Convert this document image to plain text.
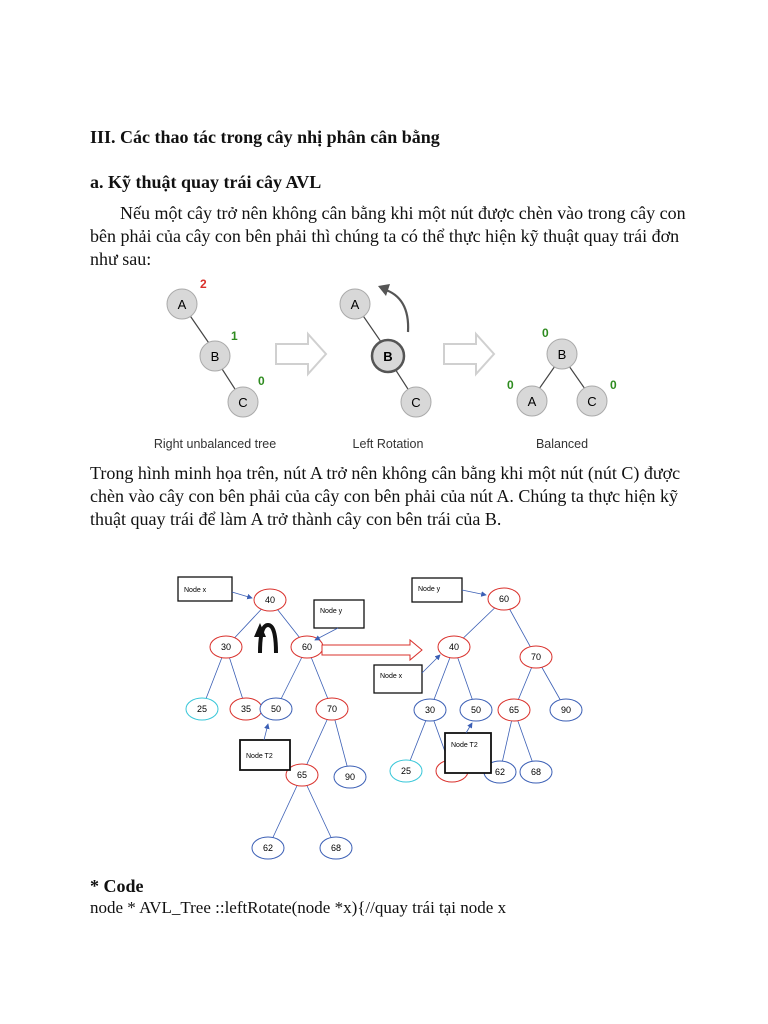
III. Các thao tác trong cây nhị phân cân bằng
a. Kỹ thuật quay trái cây AVL

Nếu một cây trở nên không cân bằng khi một nút được chèn vào trong cây con bên phải của cây con bên phải thì chúng ta có thể thực hiện kỹ thuật quay trái đơn như sau:

A
2
B
1
C
0
Right unbalanced tree
A
B
C
Left Rotation
B
0
A
0
C
0
Balanced

Trong hình minh họa trên, nút A trở nên không cân bằng khi một nút (nút C) được chèn vào cây con bên phải của cây con bên phải của nút A. Chúng ta thực hiện kỹ thuật quay trái để làm A trở thành cây con bên trái của B.

40
30	60
25	35 50	70
65	90
62	68
Node x
Node y
Node T2
60
40
70
30	50	65	90
25	62	68
Node y
Node x
Node T2

* Code

node * AVL_Tree ::leftRotate(node *x){//quay trái tại node x
